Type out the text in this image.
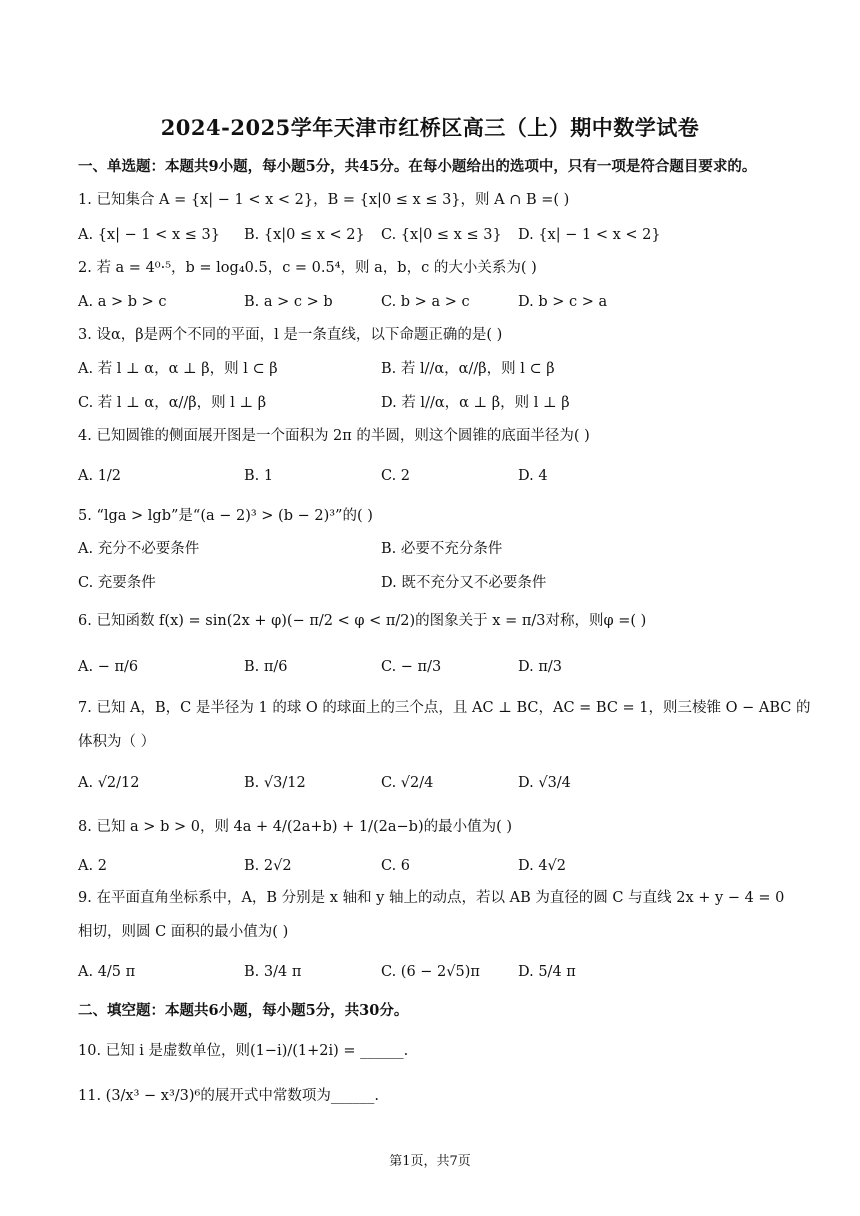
2024-2025学年天津市红桥区高三（上）期中数学试卷
一、单选题：本题共9小题，每小题5分，共45分。在每小题给出的选项中，只有一项是符合题目要求的。
1. 已知集合 A = {x| − 1 < x < 2}，B = {x|0 ≤ x ≤ 3}，则 A ∩ B =( )
A. {x| − 1 < x ≤ 3} B. {x|0 ≤ x < 2} C. {x|0 ≤ x ≤ 3} D. {x| − 1 < x < 2}
2. 若 a = 4⁰·⁵，b = log₄0.5，c = 0.5⁴，则 a，b，c 的大小关系为( )
A. a > b > c	B. a > c > b	C. b > a > c	D. b > c > a
3. 设α，β是两个不同的平面，l 是一条直线，以下命题正确的是( )
A. 若 l ⊥ α，α ⊥ β，则 l ⊂ β	B. 若 l//α，α//β，则 l ⊂ β
C. 若 l ⊥ α，α//β，则 l ⊥ β	D. 若 l//α，α ⊥ β，则 l ⊥ β
4. 已知圆锥的侧面展开图是一个面积为 2π 的半圆，则这个圆锥的底面半径为( )
A. 1/2	B. 1	C. 2	D. 4
5. “lga > lgb”是“(a − 2)³ > (b − 2)³”的( )
A. 充分不必要条件	B. 必要不充分条件
C. 充要条件	D. 既不充分又不必要条件
6. 已知函数 f(x) = sin(2x + φ)(− π/2 < φ < π/2)的图象关于 x = π/3对称，则φ =( )
A. − π/6	B. π/6	C. − π/3	D. π/3
7. 已知 A，B，C 是半径为 1 的球 O 的球面上的三个点，且 AC ⊥ BC，AC = BC = 1，则三棱锥 O − ABC 的
体积为（ ）
A. √2/12	B. √3/12	C. √2/4	D. √3/4
8. 已知 a > b > 0，则 4a + 4/(2a+b) + 1/(2a−b)的最小值为( )
A. 2	B. 2√2	C. 6	D. 4√2
9. 在平面直角坐标系中，A，B 分别是 x 轴和 y 轴上的动点，若以 AB 为直径的圆 C 与直线 2x + y − 4 = 0
相切，则圆 C 面积的最小值为( )
A. 4/5 π	B. 3/4 π	C. (6 − 2√5)π	D. 5/4 π
二、填空题：本题共6小题，每小题5分，共30分。
10. 已知 i 是虚数单位，则(1−i)/(1+2i) = ______.
11. (3/x³ − x³/3)⁶的展开式中常数项为______.
第1页，共7页
